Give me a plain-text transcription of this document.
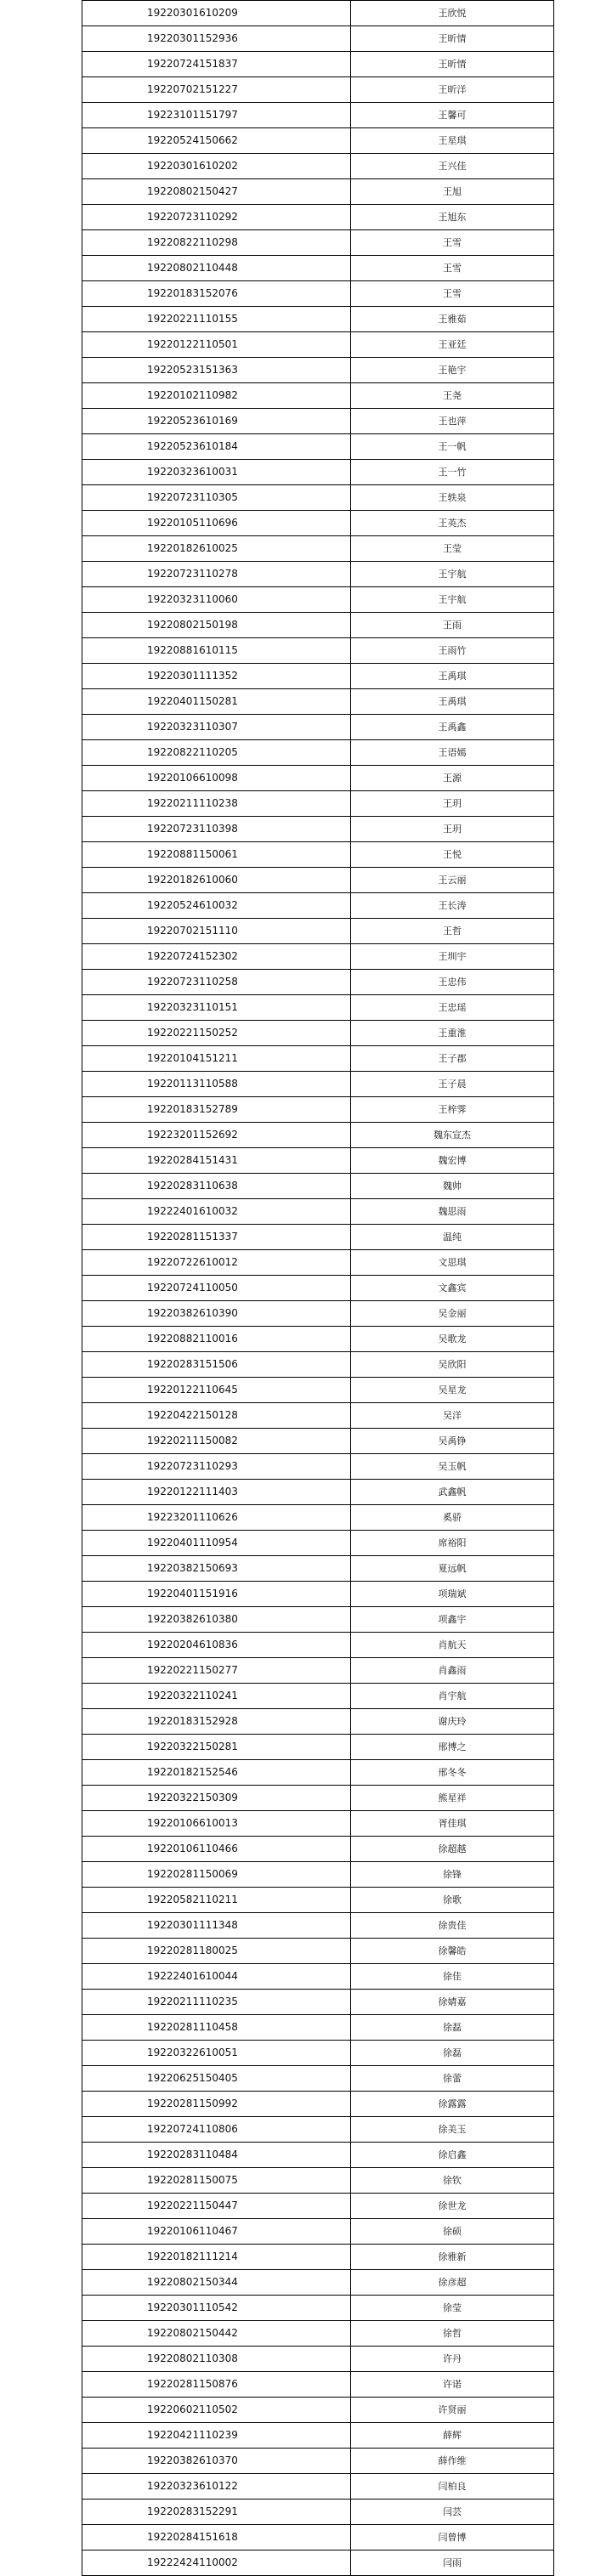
19220301610209	王欣悦
19220301152936	王昕情
19220724151837	王昕情
19220702151227	王昕洋
19223101151797	王馨可
19220524150662	王星琪
19220301610202	王兴佳
19220802150427	王旭
19220723110292	王旭东
19220822110298	王雪
19220802110448	王雪
19220183152076	王雪
19220221110155	王雅茹
19220122110501	王亚廷
19220523151363	王艳宇
19220102110982	王尧
19220523610169	王也萍
19220523610184	王一帆
19220323610031	王一竹
19220723110305	王轶泉
19220105110696	王英杰
19220182610025	王莹
19220723110278	王宇航
19220323110060	王宇航
19220802150198	王雨
19220881610115	王雨竹
19220301111352	王禹琪
19220401150281	王禹琪
19220323110307	王禹鑫
19220822110205	王语嫣
19220106610098	王源
19220211110238	王玥
19220723110398	王玥
19220881150061	王悦
19220182610060	王云丽
19220524610032	王长涛
19220702151110	王哲
19220724152302	王圳宇
19220723110258	王忠伟
19220323110151	王忠瑶
19220221150252	王重淮
19220104151211	王子郡
19220113110588	王子晨
19220183152789	王梓霁
19223201152692	魏东宣杰
19220284151431	魏宏博
19220283110638	魏帅
19222401610032	魏思雨
19220281151337	温纯
19220722610012	文思琪
19220724110050	文鑫宾
19220382610390	吴金丽
19220882110016	吴歌龙
19220283151506	吴欣阳
19220122110645	吴星龙
19220422150128	吴洋
19220211150082	吴禹铮
19220723110293	吴玉帆
19220122111403	武鑫帆
19223201110626	奚骄
19220401110954	席裕阳
19220382150693	夏远帆
19220401151916	项瑞斌
19220382610380	项鑫宇
19220204610836	肖航天
19220221150277	肖鑫雨
19220322110241	肖宇航
19220183152928	谢庆玲
19220322150281	邢博之
19220182152546	邢冬冬
19220322150309	熊星祥
19220106610013	胥佳琪
19220106110466	徐超越
19220281150069	徐锋
19220582110211	徐歌
19220301111348	徐贵佳
19220281180025	徐馨皓
19222401610044	徐佳
19220211110235	徐婧嘉
19220281110458	徐磊
19220322610051	徐磊
19220625150405	徐蕾
19220281150992	徐露露
19220724110806	徐美玉
19220283110484	徐启鑫
19220281150075	徐钦
19220221150447	徐世龙
19220106110467	徐硕
19220182111214	徐雅新
19220802150344	徐彦超
19220301110542	徐莹
19220802150442	徐哲
19220802110308	许丹
19220281150876	许诺
19220602110502	许贤丽
19220421110239	薛辉
19220382610370	薛作维
19220323610122	闫柏良
19220283152291	闫芸
19220284151618	闫曾博
19222424110002	闫雨
